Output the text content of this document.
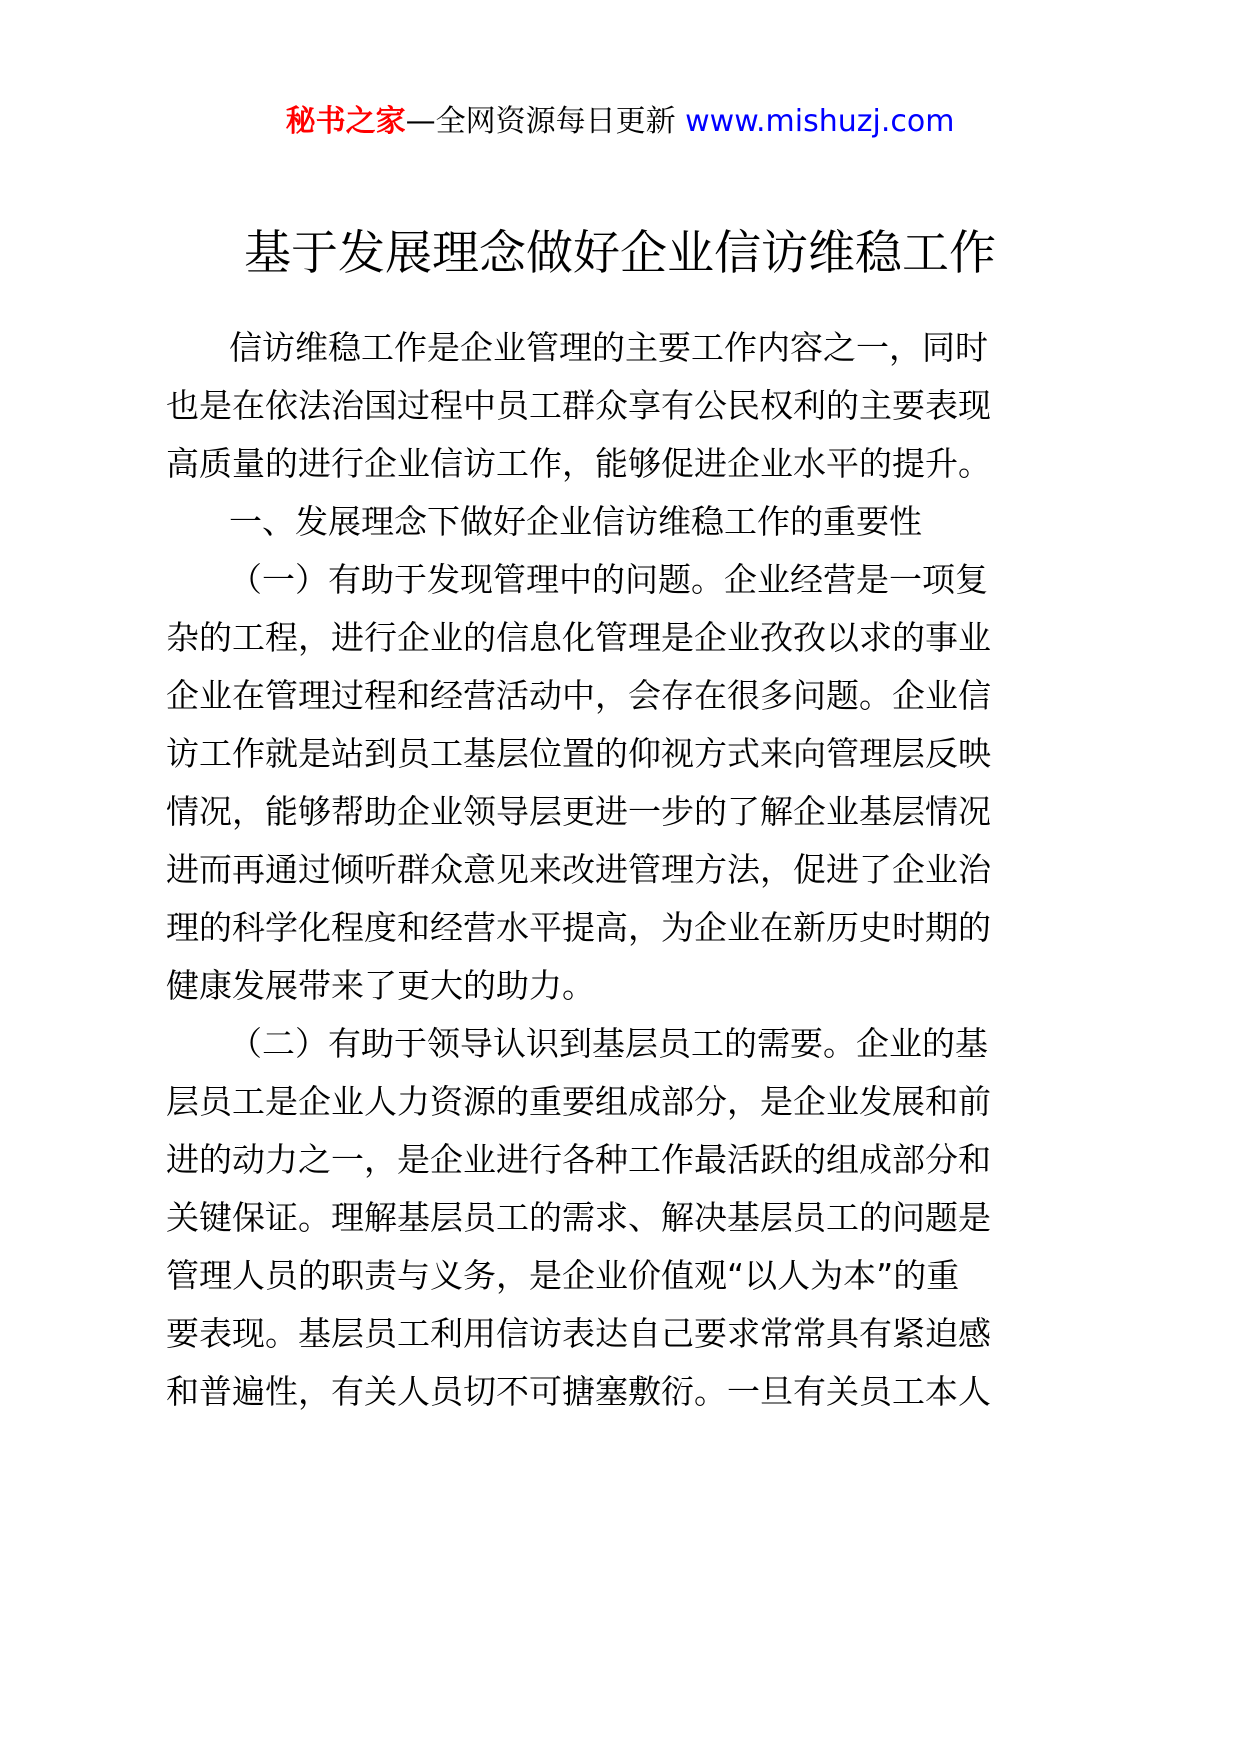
秘书之家—全网资源每日更新 www.mishuzj.com
基于发展理念做好企业信访维稳工作
信访维稳工作是企业管理的主要工作内容之一，同时
也是在依法治国过程中员工群众享有公民权利的主要表现
高质量的进行企业信访工作，能够促进企业水平的提升。
一、发展理念下做好企业信访维稳工作的重要性
（一）有助于发现管理中的问题。企业经营是一项复
杂的工程，进行企业的信息化管理是企业孜孜以求的事业
企业在管理过程和经营活动中，会存在很多问题。企业信
访工作就是站到员工基层位置的仰视方式来向管理层反映
情况，能够帮助企业领导层更进一步的了解企业基层情况
进而再通过倾听群众意见来改进管理方法，促进了企业治
理的科学化程度和经营水平提高，为企业在新历史时期的
健康发展带来了更大的助力。
（二）有助于领导认识到基层员工的需要。企业的基
层员工是企业人力资源的重要组成部分，是企业发展和前
进的动力之一，是企业进行各种工作最活跃的组成部分和
关键保证。理解基层员工的需求、解决基层员工的问题是
管理人员的职责与义务，是企业价值观“以人为本”的重
要表现。基层员工利用信访表达自己要求常常具有紧迫感
和普遍性，有关人员切不可搪塞敷衍。一旦有关员工本人
